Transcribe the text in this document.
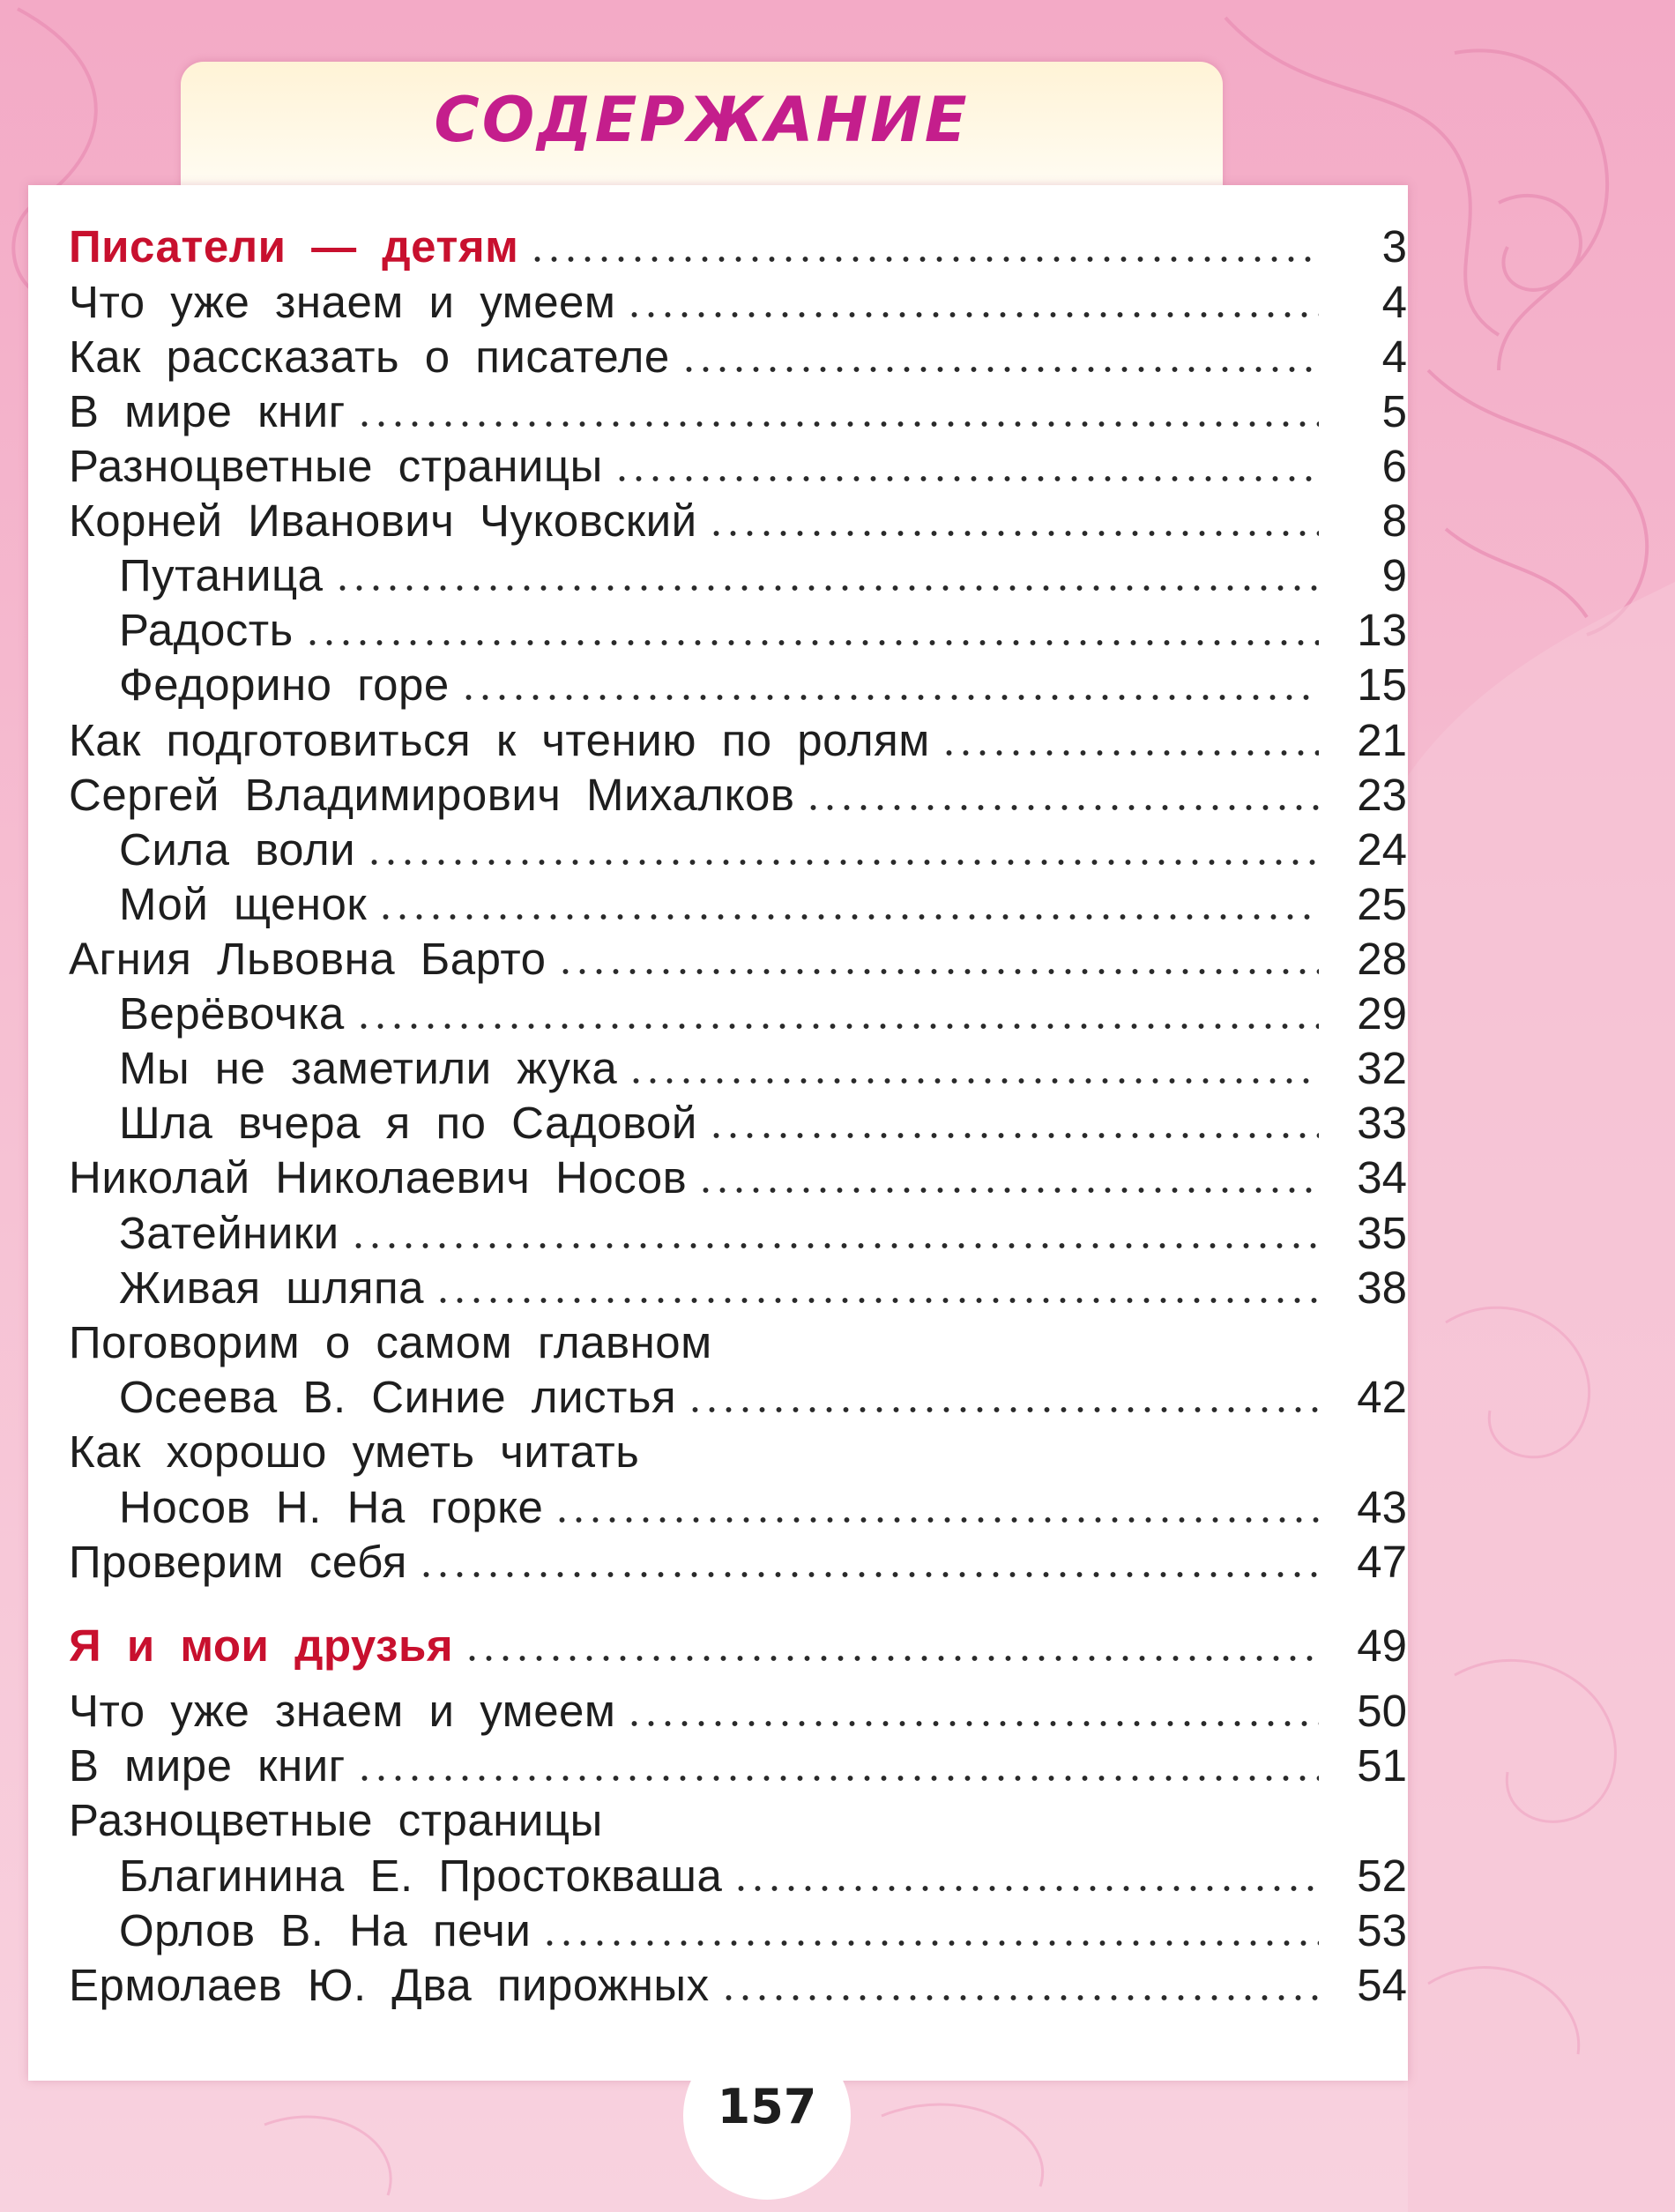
СОДЕРЖАНИЕ
Писатели — детям	3
Что уже знаем и умеем	4
Как рассказать о писателе	4
В мире книг	5
Разноцветные страницы	6
Корней Иванович Чуковский	8
Путаница	9
Радость	13
Федорино горе	15
Как подготовиться к чтению по ролям	21
Сергей Владимирович Михалков	23
Сила воли	24
Мой щенок	25
Агния Львовна Барто	28
Верёвочка	29
Мы не заметили жука	32
Шла вчера я по Садовой	33
Николай Николаевич Носов	34
Затейники	35
Живая шляпа	38
Поговорим о самом главном
Осеева В. Синие листья	42
Как хорошо уметь читать
Носов Н. На горке	43
Проверим себя	47
Я и мои друзья	49
Что уже знаем и умеем	50
В мире книг	51
Разноцветные страницы
Благинина Е. Простокваша	52
Орлов В. На печи	53
Ермолаев Ю. Два пирожных	54
157
